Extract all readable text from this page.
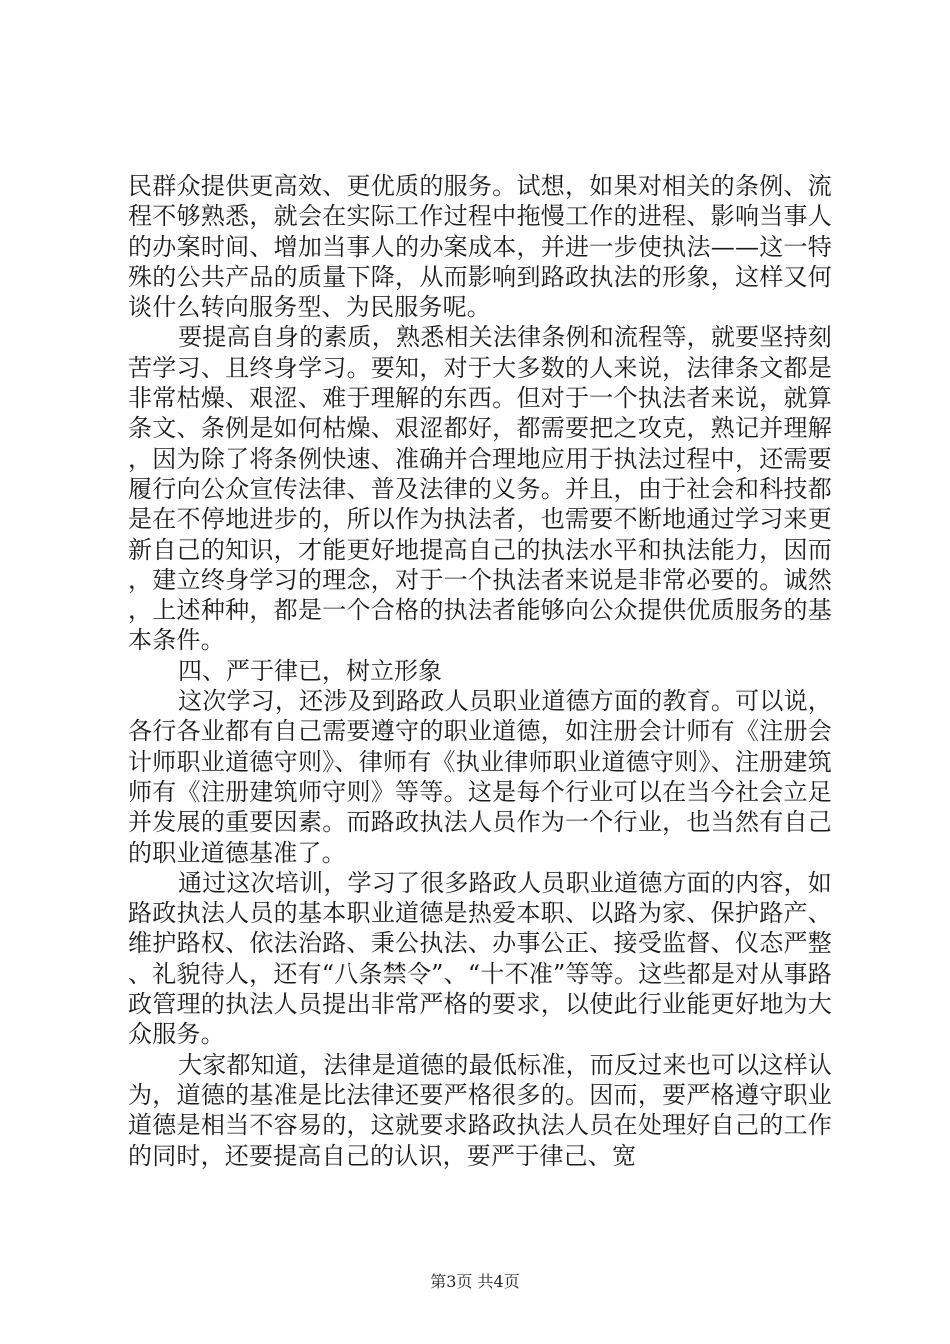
民群众提供更高效、更优质的服务。试想，如果对相关的条例、流程不够熟悉，就会在实际工作过程中拖慢工作的进程、影响当事人的办案时间、增加当事人的办案成本，并进一步使执法——这一特殊的公共产品的质量下降，从而影响到路政执法的形象，这样又何谈什么转向服务型、为民服务呢。

要提高自身的素质，熟悉相关法律条例和流程等，就要坚持刻苦学习、且终身学习。要知，对于大多数的人来说，法律条文都是非常枯燥、艰涩、难于理解的东西。但对于一个执法者来说，就算条文、条例是如何枯燥、艰涩都好，都需要把之攻克，熟记并理解，因为除了将条例快速、准确并合理地应用于执法过程中，还需要履行向公众宣传法律、普及法律的义务。并且，由于社会和科技都是在不停地进步的，所以作为执法者，也需要不断地通过学习来更新自己的知识，才能更好地提高自己的执法水平和执法能力，因而，建立终身学习的理念，对于一个执法者来说是非常必要的。诚然，上述种种，都是一个合格的执法者能够向公众提供优质服务的基本条件。

四、严于律已，树立形象

这次学习，还涉及到路政人员职业道德方面的教育。可以说，各行各业都有自己需要遵守的职业道德，如注册会计师有《注册会计师职业道德守则》、律师有《执业律师职业道德守则》、注册建筑师有《注册建筑师守则》等等。这是每个行业可以在当今社会立足并发展的重要因素。而路政执法人员作为一个行业，也当然有自己的职业道德基准了。

通过这次培训，学习了很多路政人员职业道德方面的内容，如路政执法人员的基本职业道德是热爱本职、以路为家、保护路产、维护路权、依法治路、秉公执法、办事公正、接受监督、仪态严整、礼貌待人，还有“八条禁令”、“十不准”等等。这些都是对从事路政管理的执法人员提出非常严格的要求，以使此行业能更好地为大众服务。

大家都知道，法律是道德的最低标准，而反过来也可以这样认为，道德的基准是比法律还要严格很多的。因而，要严格遵守职业道德是相当不容易的，这就要求路政执法人员在处理好自己的工作的同时，还要提高自己的认识，要严于律己、宽

第3页 共4页
